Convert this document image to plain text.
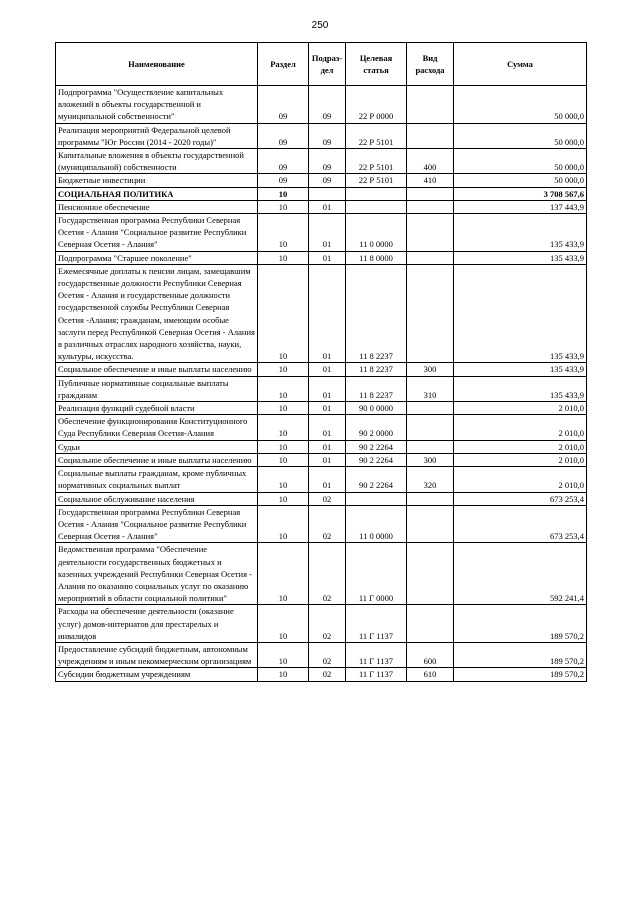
250
Наименование	Раздел	Подраз-дел	Целевая статья	Вид расхода	Сумма
Подпрограмма "Осуществление капитальных вложений в объекты государственной и муниципальной собственности"	09	09	22 Р 0000		50 000,0
Реализация мероприятий Федеральной целевой программы "Юг России (2014 - 2020 годы)"	09	09	22 Р 5101		50 000,0
Капитальные вложения в объекты государственной (муниципальной) собственности	09	09	22 Р 5101	400	50 000,0
Бюджетные инвестиции	09	09	22 Р 5101	410	50 000,0
СОЦИАЛЬНАЯ ПОЛИТИКА	10				3 708 567,6
Пенсионное обеспечение	10	01			137 443,9
Государственная программа Республики Северная Осетия - Алания "Социальное развитие Республики Северная Осетия - Алания"	10	01	11 0 0000		135 433,9
Подпрограмма "Старшее поколение"	10	01	11 8 0000		135 433,9
Ежемесячные доплаты к пенсии лицам, замещавшим государственные должности Республики Северная Осетия - Алания и государственные должности государственной службы Республики Северная Осетия -Алания; гражданам, имеющим особые заслуги перед Республикой Северная Осетия - Алания в различных отраслях народного хозяйства, науки, культуры, искусства.	10	01	11 8 2237		135 433,9
Социальное обеспечение и иные выплаты населению	10	01	11 8 2237	300	135 433,9
Публичные нормативные социальные выплаты гражданам	10	01	11 8 2237	310	135 433,9
Реализация функций судебной власти	10	01	90 0 0000		2 010,0
Обеспечение функционирования Конституционного Суда Республики Северная Осетия-Алания	10	01	90 2 0000		2 010,0
Судьи	10	01	90 2 2264		2 010,0
Социальное обеспечение и иные выплаты населению	10	01	90 2 2264	300	2 010,0
Социальные выплаты гражданам, кроме публичных нормативных социальных выплат	10	01	90 2 2264	320	2 010,0
Социальное обслуживание населения	10	02			673 253,4
Государственная программа Республики Северная Осетия - Алания "Социальное развитие Республики Северная Осетия - Алания"	10	02	11 0 0000		673 253,4
Ведомственная программа "Обеспечение деятельности государственных бюджетных и казенных учреждений Республики Северная Осетия - Алания по оказанию социальных услуг по оказанию мероприятий в области социальной политики"	10	02	11 Г 0000		592 241,4
Расходы на обеспечение деятельности (оказание услуг) домов-интернатов для престарелых и инвалидов	10	02	11 Г 1137		189 570,2
Предоставление субсидий бюджетным, автономным учреждениям и иным некоммерческим организациям	10	02	11 Г 1137	600	189 570,2
Субсидии бюджетным учреждениям	10	02	11 Г 1137	610	189 570,2
